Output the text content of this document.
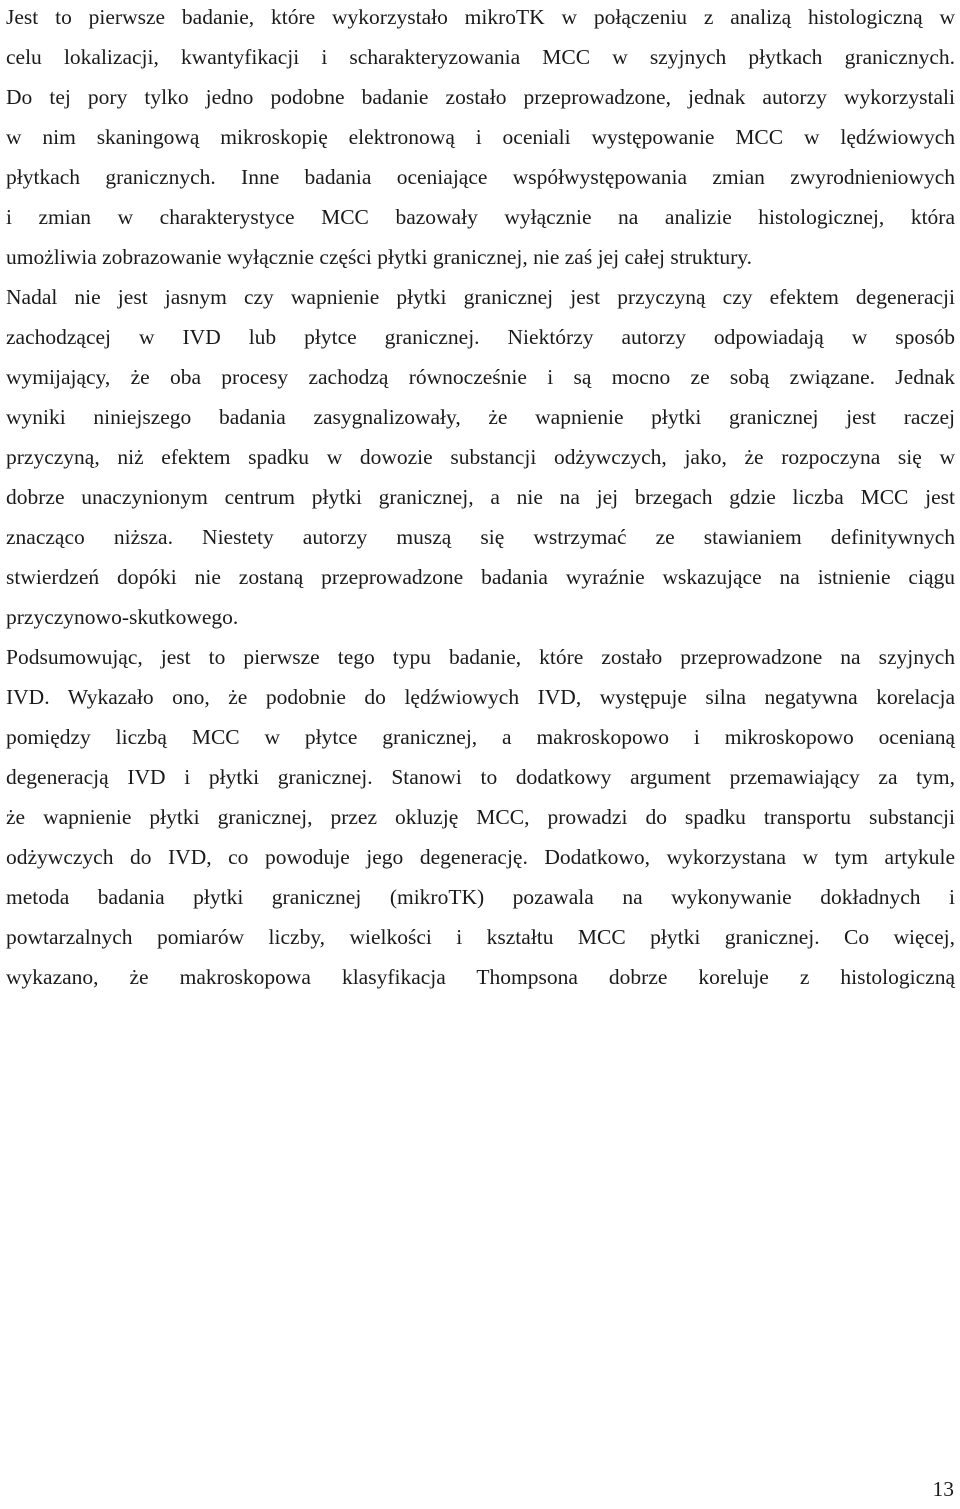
Jest to pierwsze badanie, które wykorzystało mikroTK w połączeniu z analizą histologiczną w
celu lokalizacji, kwantyfikacji i scharakteryzowania MCC w szyjnych płytkach granicznych.
Do tej pory tylko jedno podobne badanie zostało przeprowadzone, jednak autorzy wykorzystali
w nim skaningową mikroskopię elektronową i oceniali występowanie MCC w lędźwiowych
płytkach granicznych. Inne badania oceniające współwystępowania zmian zwyrodnieniowych
i zmian w charakterystyce MCC bazowały wyłącznie na analizie histologicznej, która
umożliwia zobrazowanie wyłącznie części płytki granicznej, nie zaś jej całej struktury.
Nadal nie jest jasnym czy wapnienie płytki granicznej jest przyczyną czy efektem degeneracji
zachodzącej w IVD lub płytce granicznej. Niektórzy autorzy odpowiadają w sposób
wymijający, że oba procesy zachodzą równocześnie i są mocno ze sobą związane. Jednak
wyniki niniejszego badania zasygnalizowały, że wapnienie płytki granicznej jest raczej
przyczyną, niż efektem spadku w dowozie substancji odżywczych, jako, że rozpoczyna się w
dobrze unaczynionym centrum płytki granicznej, a nie na jej brzegach gdzie liczba MCC jest
znacząco niższa. Niestety autorzy muszą się wstrzymać ze stawianiem definitywnych
stwierdzeń dopóki nie zostaną przeprowadzone badania wyraźnie wskazujące na istnienie ciągu
przyczynowo-skutkowego.
Podsumowując, jest to pierwsze tego typu badanie, które zostało przeprowadzone na szyjnych
IVD. Wykazało ono, że podobnie do lędźwiowych IVD, występuje silna negatywna korelacja
pomiędzy liczbą MCC w płytce granicznej, a makroskopowo i mikroskopowo ocenianą
degeneracją IVD i płytki granicznej. Stanowi to dodatkowy argument przemawiający za tym,
że wapnienie płytki granicznej, przez okluzję MCC, prowadzi do spadku transportu substancji
odżywczych do IVD, co powoduje jego degenerację. Dodatkowo, wykorzystana w tym artykule
metoda badania płytki granicznej (mikroTK) pozawala na wykonywanie dokładnych i
powtarzalnych pomiarów liczby, wielkości i kształtu MCC płytki granicznej. Co więcej,
wykazano, że makroskopowa klasyfikacja Thompsona dobrze koreluje z histologiczną
13
